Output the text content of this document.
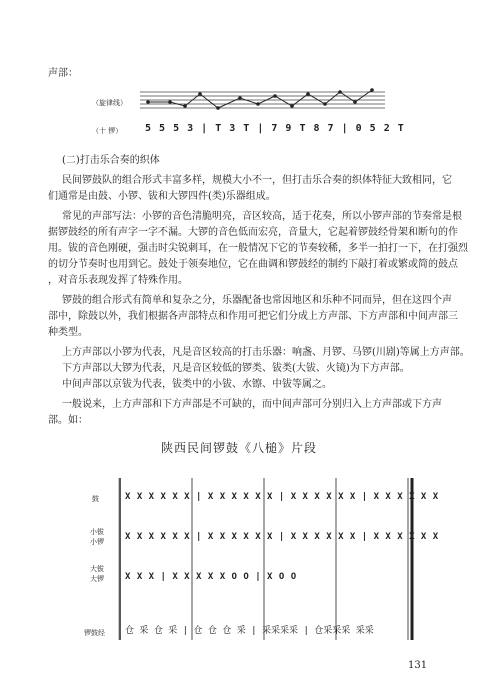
声部：
（旋律线）
（十 锣） 5 5 5 3 | T 3 T | 7 9 T 8 7 | 0 5 2 T
(二)打击乐合奏的织体
民间锣鼓队的组合形式丰富多样，规模大小不一，但打击乐合奏的织体特征大致相同，它
们通常是由鼓、小锣、钹和大锣四件(类)乐器组成。
常见的声部写法：小锣的音色清脆明亮，音区较高，适于花奏，所以小锣声部的节奏常是根
据锣鼓经的所有声字一字不漏。大锣的音色低而宏亮，音量大，它起着锣鼓经骨架和断句的作
用。钹的音色刚硬，强击时尖锐刺耳，在一般情况下它的节奏较稀，多半一拍打一下，在打强烈
的切分节奏时也用到它。鼓处于领奏地位，它在曲调和锣鼓经的制约下敲打着或繁或简的鼓点
，对音乐表现发挥了特殊作用。
锣鼓的组合形式有简单和复杂之分，乐器配备也常因地区和乐种不同而异，但在这四个声
部中，除鼓以外，我们根据各声部特点和作用可把它们分成上方声部、下方声部和中间声部三
种类型。
上方声部以小锣为代表，凡是音区较高的打击乐器：响盏、月锣、马锣(川剧)等属上方声部。
下方声部以大锣为代表，凡是音区较低的锣类、钹类(大钹、火镜)为下方声部。
中间声部以京钹为代表，钹类中的小钹、水镲、中钹等属之。
一般说来，上方声部和下方声部是不可缺的，而中间声部可分别归入上方声部或下方声
部。如：
陕西民间锣鼓《八槌》片段
鼓	X X X X X X | X X X X X X | X X X X X X | X X X X X X
小钹 小锣 X X X X X X | X X X X X X | X X X X X X | X X X X X X
大钹 大锣 X X X | X X X X X O O | X O O
锣鼓经 仓 采 仓 采 | 仓 仓 仓 采 | 采采采采 | 仓采采采 采采
131
